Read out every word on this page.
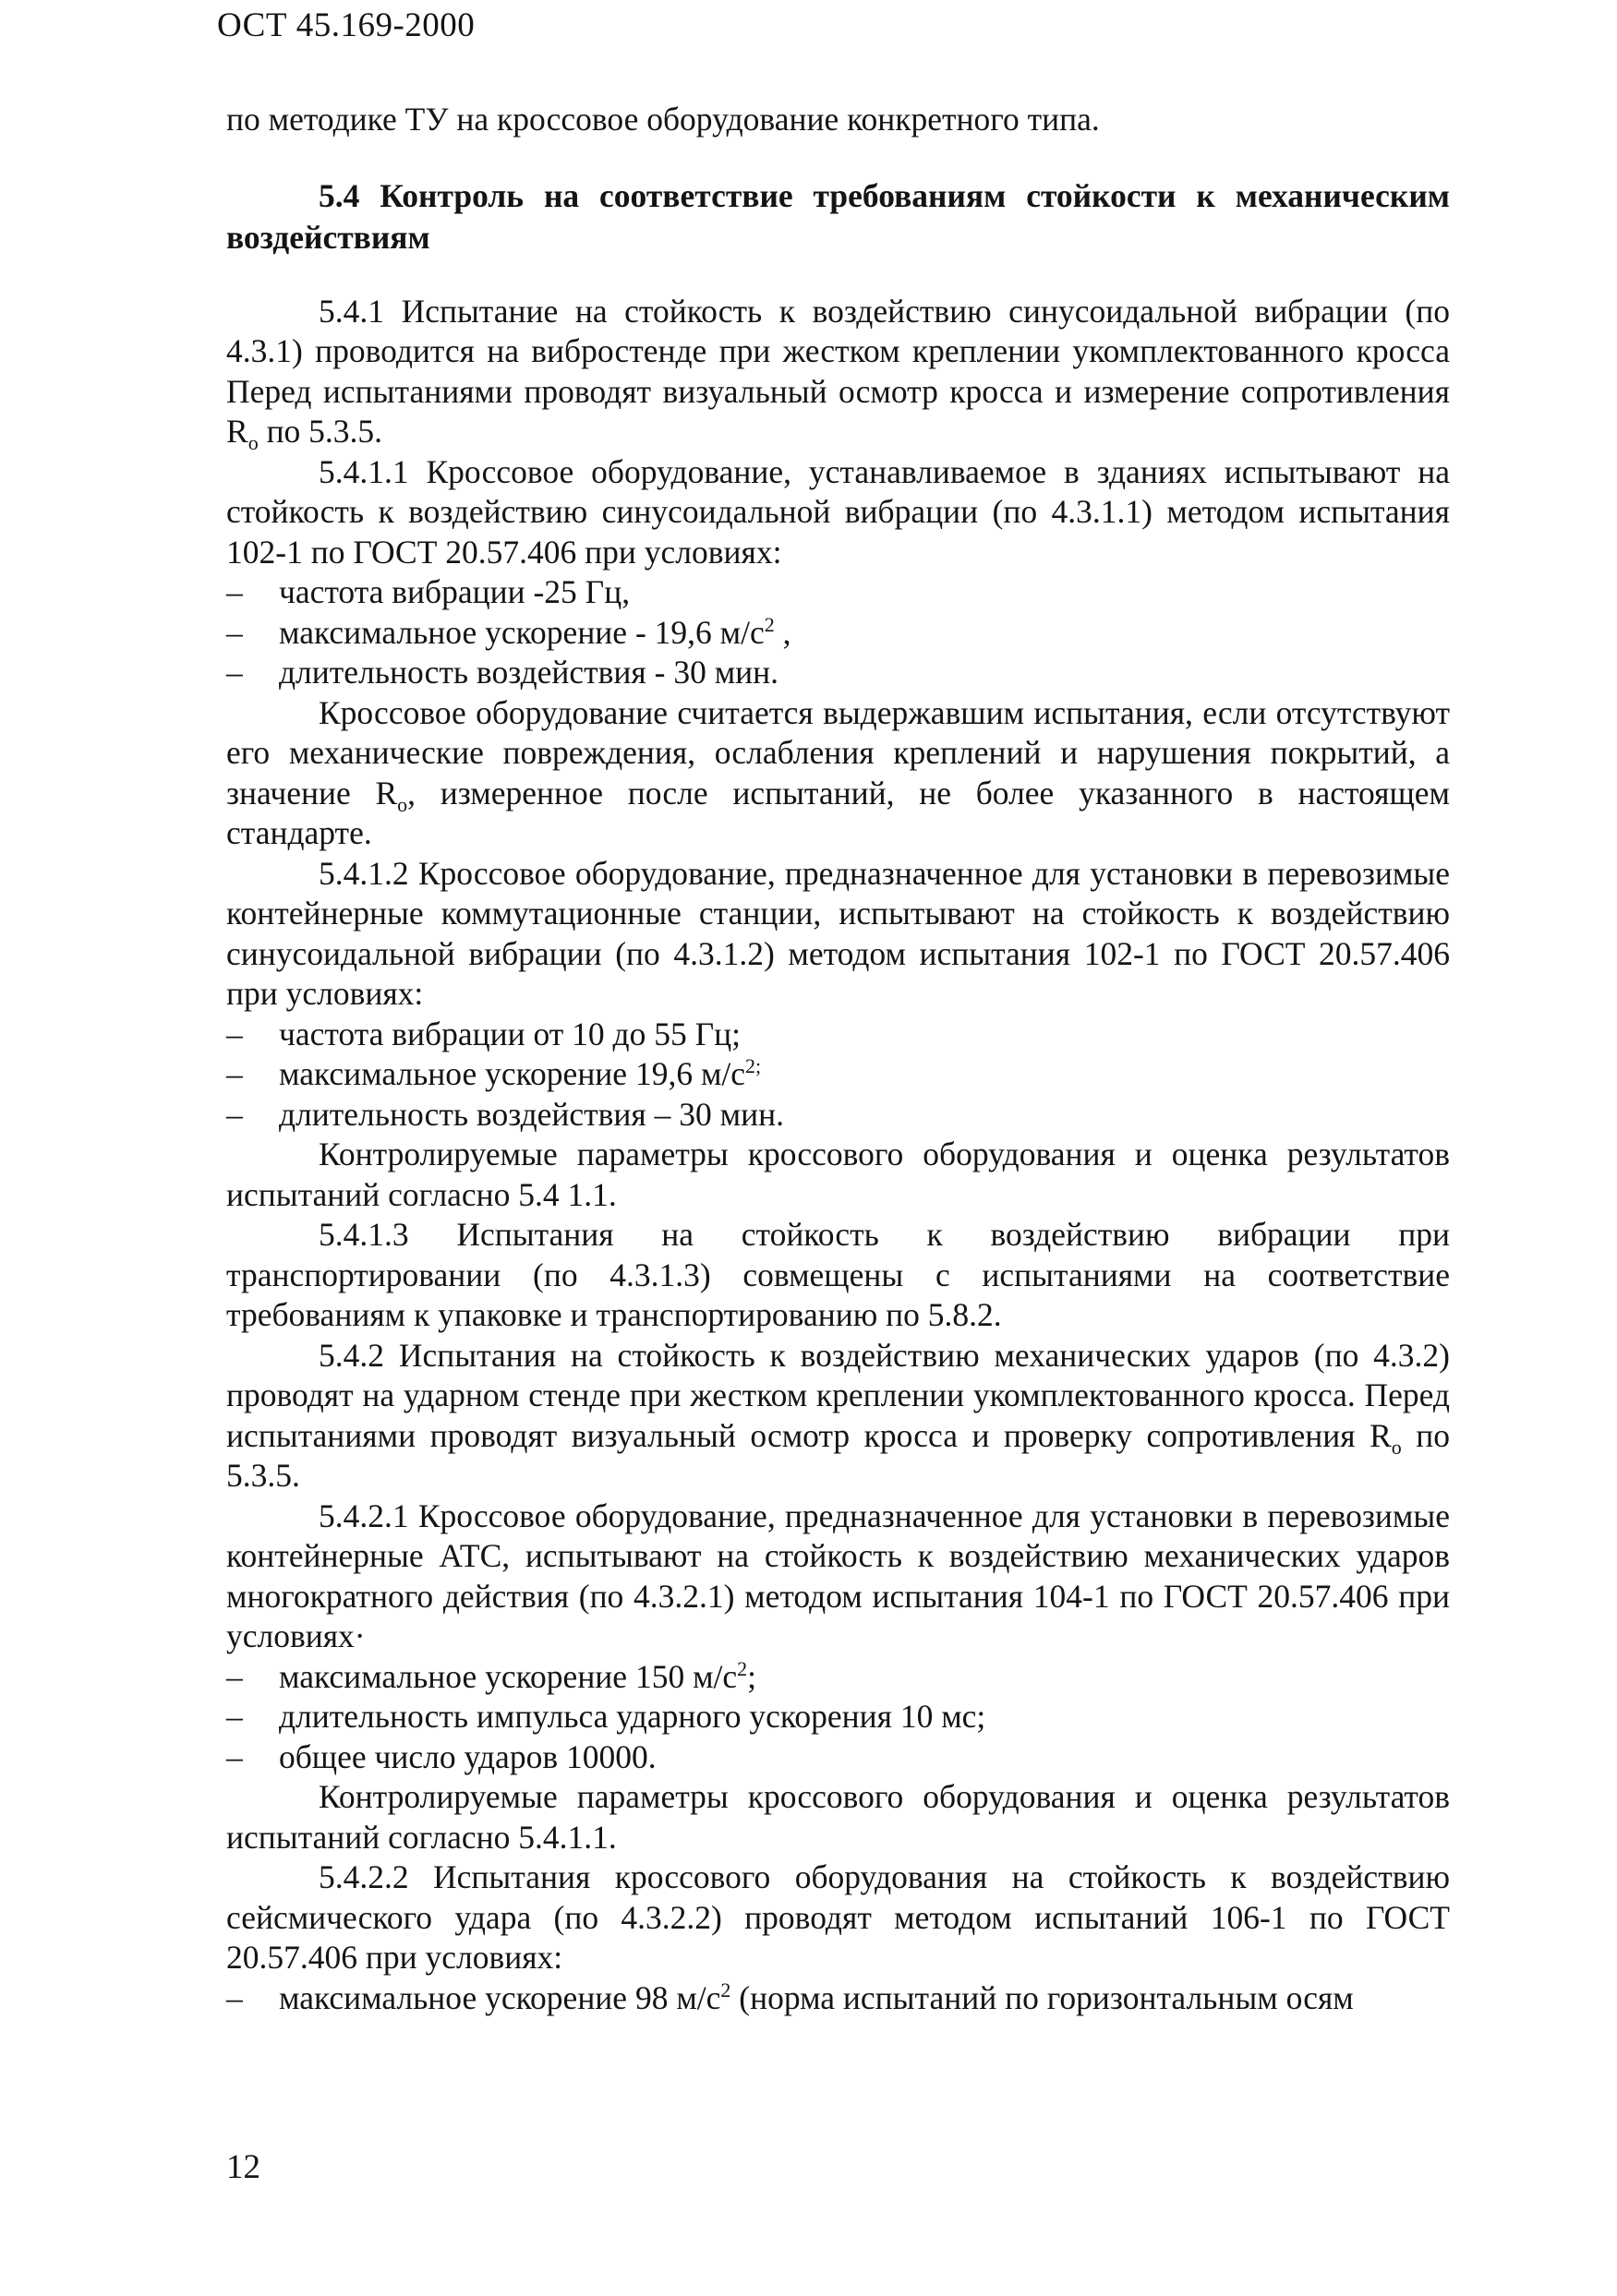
ОСТ 45.169-2000

по методике ТУ на кроссовое оборудование конкретного типа.

5.4 Контроль на соответствие требованиям стойкости к механическим воздействиям

5.4.1 Испытание на стойкость к воздействию синусоидальной вибрации (по 4.3.1) проводится на вибростенде при жестком креплении укомплектованного кросса Перед испытаниями проводят визуальный осмотр кросса и измерение сопротивления $R_o$ по 5.3.5.

5.4.1.1 Кроссовое оборудование, устанавливаемое в зданиях испытывают на стойкость к воздействию синусоидальной вибрации (по 4.3.1.1) методом испытания 102-1 по ГОСТ 20.57.406 при условиях:

– частота вибрации -25 Гц,
– максимальное ускорение - 19,6 $м/с^2$ ,
– длительность воздействия - 30 мин.

Кроссовое оборудование считается выдержавшим испытания, если отсутствуют его механические повреждения, ослабления креплений и нарушения покрытий, а значение $R_o$, измеренное после испытаний, не более указанного в настоящем стандарте.

5.4.1.2 Кроссовое оборудование, предназначенное для установки в перевозимые контейнерные коммутационные станции, испытывают на стойкость к воздействию синусоидальной вибрации (по 4.3.1.2) методом испытания 102-1 по ГОСТ 20.57.406 при условиях:

– частота вибрации от 10 до 55 Гц;
– максимальное ускорение 19,6 $м/с^{2;}$
– длительность воздействия – 30 мин.

Контролируемые параметры кроссового оборудования и оценка результатов испытаний согласно 5.4 1.1.

5.4.1.3 Испытания на стойкость к воздействию вибрации при транспортировании (по 4.3.1.3) совмещены с испытаниями на соответствие требованиям к упаковке и транспортированию по 5.8.2.

5.4.2 Испытания на стойкость к воздействию механических ударов (по 4.3.2) проводят на ударном стенде при жестком креплении укомплектованного кросса. Перед испытаниями проводят визуальный осмотр кросса и проверку сопротивления $R_o$ по 5.3.5.

5.4.2.1 Кроссовое оборудование, предназначенное для установки в перевозимые контейнерные АТС, испытывают на стойкость к воздействию механических ударов многократного действия (по 4.3.2.1) методом испытания 104-1 по ГОСТ 20.57.406 при условиях·

– максимальное ускорение 150 $м/с^2$;
– длительность импульса ударного ускорения 10 мс;
– общее число ударов 10000.

Контролируемые параметры кроссового оборудования и оценка результатов испытаний согласно 5.4.1.1.

5.4.2.2 Испытания кроссового оборудования на стойкость к воздействию сейсмического удара (по 4.3.2.2) проводят методом испытаний 106-1 по ГОСТ 20.57.406 при условиях:

– максимальное ускорение 98 $м/с^2$ (норма испытаний по горизонтальным осям
12
